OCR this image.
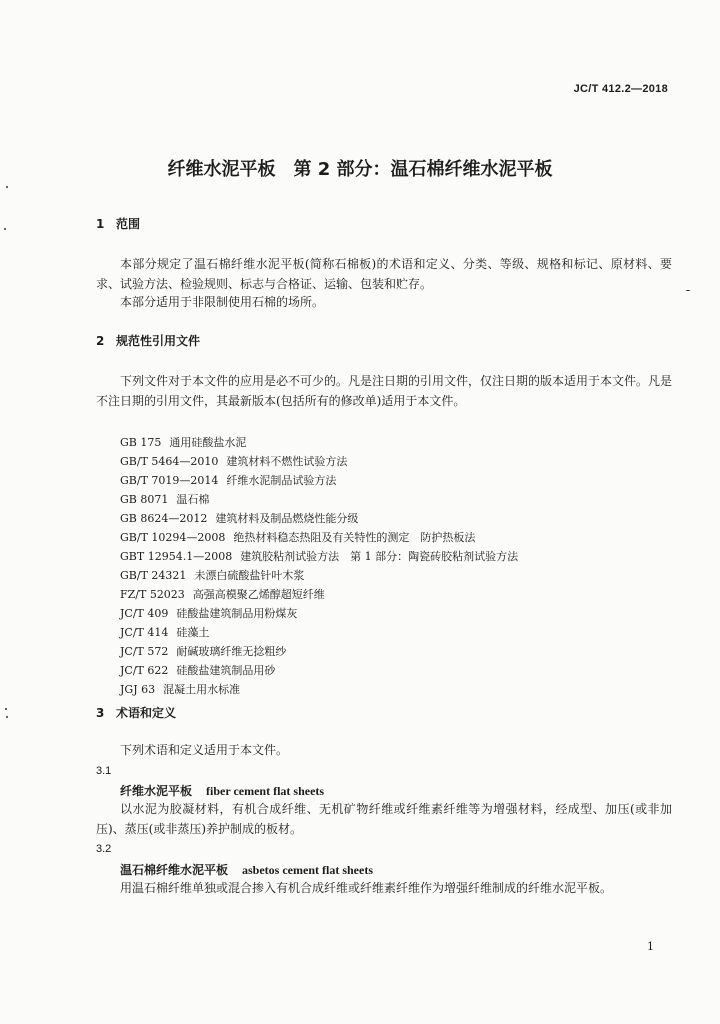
JC/T 412.2—2018
纤维水泥平板 第 2 部分：温石棉纤维水泥平板
1 范围

本部分规定了温石棉纤维水泥平板(简称石棉板)的术语和定义、分类、等级、规格和标记、原材料、要求、试验方法、检验规则、标志与合格证、运输、包装和贮存。

本部分适用于非限制使用石棉的场所。

2 规范性引用文件

下列文件对于本文件的应用是必不可少的。凡是注日期的引用文件，仅注日期的版本适用于本文件。凡是不注日期的引用文件，其最新版本(包括所有的修改单)适用于本文件。

GB 175 通用硅酸盐水泥
GB/T 5464—2010 建筑材料不燃性试验方法
GB/T 7019—2014 纤维水泥制品试验方法
GB 8071 温石棉
GB 8624—2012 建筑材料及制品燃烧性能分级
GB/T 10294—2008 绝热材料稳态热阻及有关特性的测定　防护热板法
GBT 12954.1—2008 建筑胶粘剂试验方法　第 1 部分：陶瓷砖胶粘剂试验方法
GB/T 24321 未漂白硫酸盐针叶木浆
FZ/T 52023 高强高模聚乙烯醇超短纤维
JC/T 409 硅酸盐建筑制品用粉煤灰
JC/T 414 硅藻土
JC/T 572 耐碱玻璃纤维无捻粗纱
JC/T 622 硅酸盐建筑制品用砂
JGJ 63 混凝土用水标准
3 术语和定义

下列术语和定义适用于本文件。

3.1
纤维水泥平板 fiber cement flat sheets

以水泥为胶凝材料，有机合成纤维、无机矿物纤维或纤维素纤维等为增强材料，经成型、加压(或非加压)、蒸压(或非蒸压)养护制成的板材。

3.2
温石棉纤维水泥平板 asbetos cement flat sheets

用温石棉纤维单独或混合掺入有机合成纤维或纤维素纤维作为增强纤维制成的纤维水泥平板。

1
